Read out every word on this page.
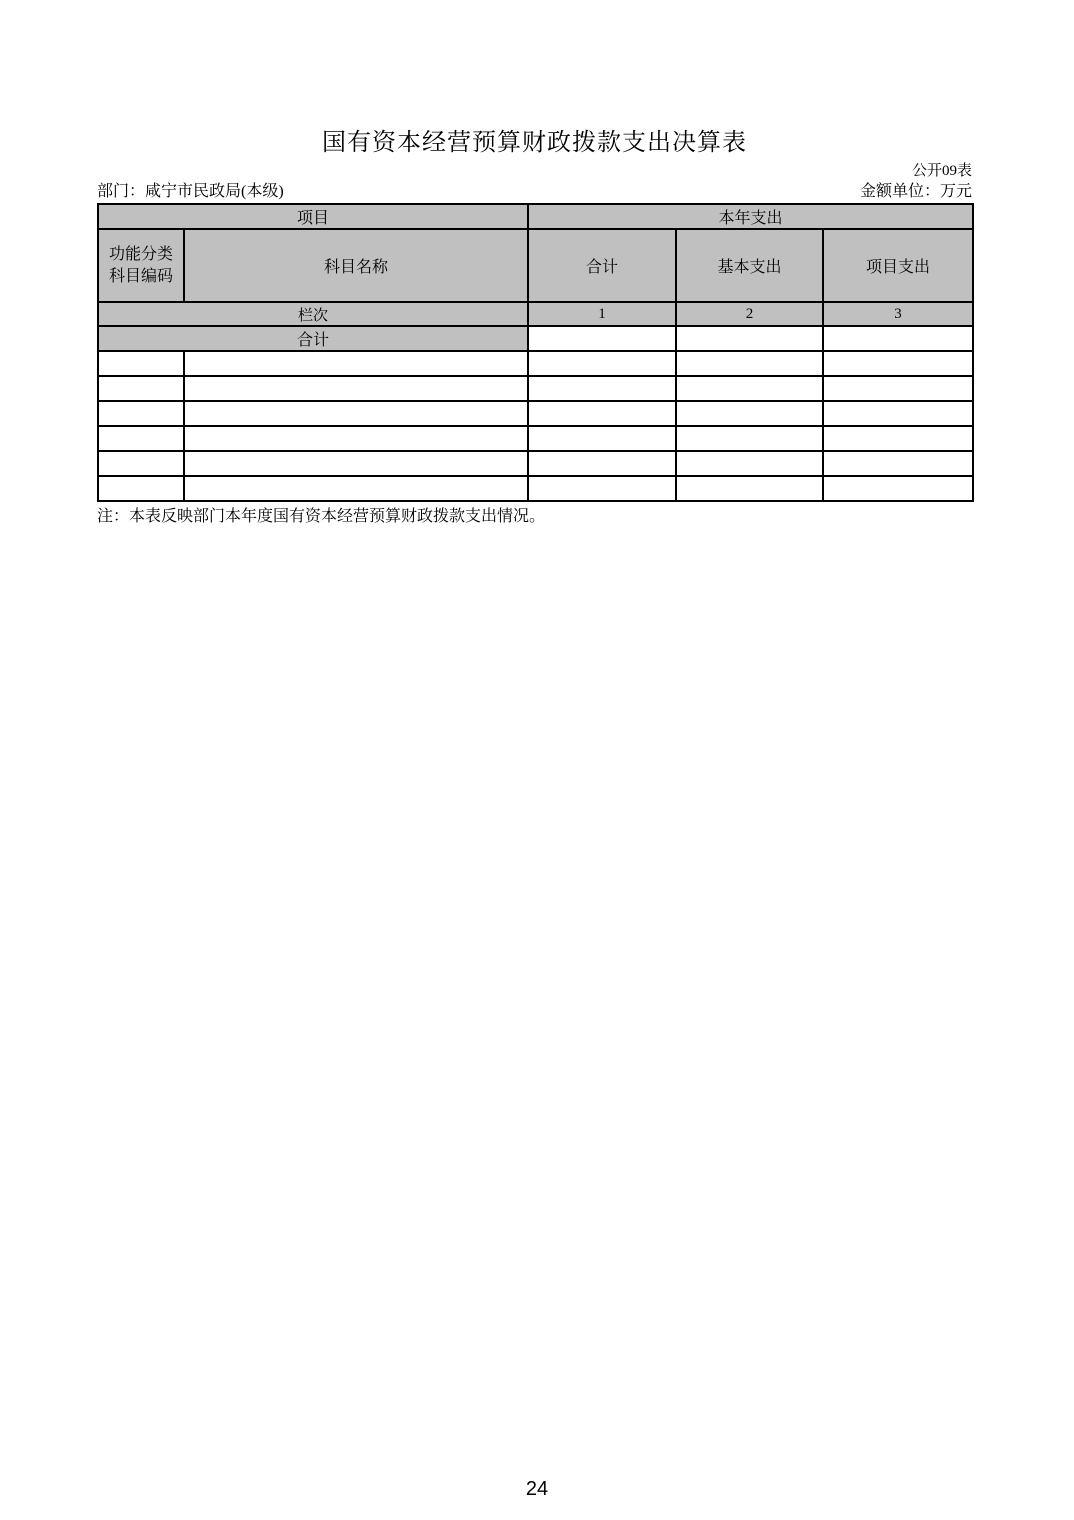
国有资本经营预算财政拨款支出决算表
公开09表
部门：咸宁市民政局(本级)	金额单位：万元
项目		本年支出		

功能分类
科目编码	科目名称	合计	基本支出	项目支出
栏次		1	2	3
合计				

注：本表反映部门本年度国有资本经营预算财政拨款支出情况。
24
